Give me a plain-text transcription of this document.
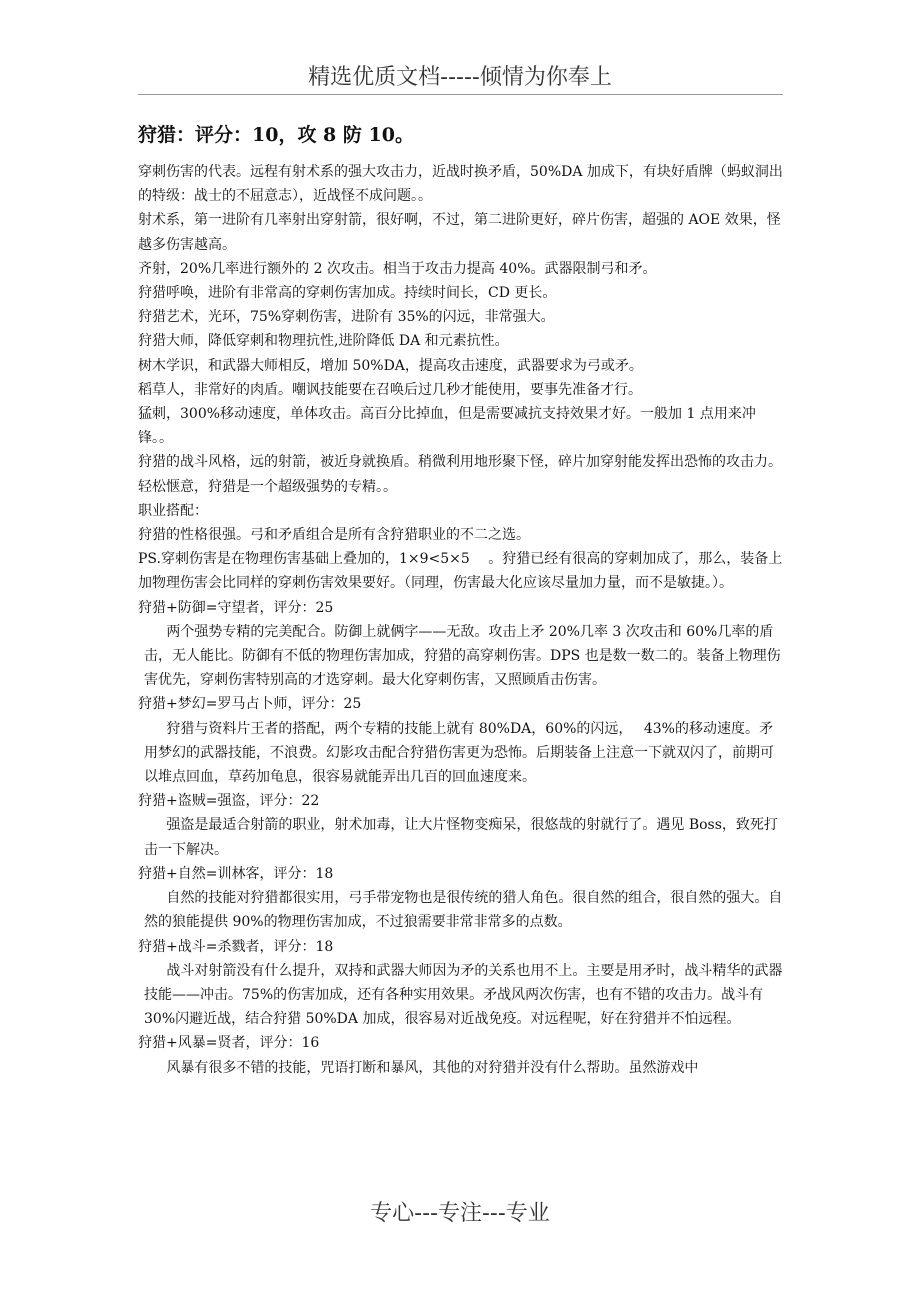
精选优质文档-----倾情为你奉上
狩猎：评分：10，攻 8 防 10。

穿刺伤害的代表。远程有射术系的强大攻击力，近战时换矛盾，50%DA 加成下，有块好盾牌（蚂蚁洞出的特级：战士的不屈意志），近战怪不成问题。。

射术系，第一进阶有几率射出穿射箭，很好啊，不过，第二进阶更好，碎片伤害，超强的 AOE 效果，怪越多伤害越高。

齐射，20%几率进行额外的 2 次攻击。相当于攻击力提高 40%。武器限制弓和矛。

狩猎呼唤，进阶有非常高的穿刺伤害加成。持续时间长，CD 更长。

狩猎艺术，光环，75%穿刺伤害，进阶有 35%的闪远，非常强大。

狩猎大师，降低穿刺和物理抗性,进阶降低 DA 和元素抗性。

树木学识，和武器大师相反，增加 50%DA，提高攻击速度，武器要求为弓或矛。

稻草人，非常好的肉盾。嘲讽技能要在召唤后过几秒才能使用，要事先准备才行。

猛刺，300%移动速度，单体攻击。高百分比掉血，但是需要减抗支持效果才好。一般加 1 点用来冲锋。。

狩猎的战斗风格，远的射箭，被近身就换盾。稍微利用地形聚下怪，碎片加穿射能发挥出恐怖的攻击力。

轻松惬意，狩猎是一个超级强势的专精。。

职业搭配：

狩猎的性格很强。弓和矛盾组合是所有含狩猎职业的不二之选。

PS.穿刺伤害是在物理伤害基础上叠加的，1×9<5×5　 。狩猎已经有很高的穿刺加成了，那么，装备上加物理伤害会比同样的穿刺伤害效果要好。（同理，伤害最大化应该尽量加力量，而不是敏捷。）。

狩猎+防御=守望者，评分：25

两个强势专精的完美配合。防御上就俩字——无敌。攻击上矛 20%几率 3 次攻击和 60%几率的盾击，无人能比。防御有不低的物理伤害加成，狩猎的高穿刺伤害。DPS 也是数一数二的。装备上物理伤害优先，穿刺伤害特别高的才选穿刺。最大化穿刺伤害，又照顾盾击伤害。

狩猎+梦幻=罗马占卜师，评分：25

狩猎与资料片王者的搭配，两个专精的技能上就有 80%DA，60%的闪远，　 43%的移动速度。矛用梦幻的武器技能，不浪费。幻影攻击配合狩猎伤害更为恐怖。后期装备上注意一下就双闪了，前期可以堆点回血，草药加龟息，很容易就能弄出几百的回血速度来。

狩猎+盗贼=强盗，评分：22

强盗是最适合射箭的职业，射术加毒，让大片怪物变痴呆，很悠哉的射就行了。遇见 Boss，致死打击一下解决。

狩猎+自然=训林客，评分：18

自然的技能对狩猎都很实用，弓手带宠物也是很传统的猎人角色。很自然的组合，很自然的强大。自然的狼能提供 90%的物理伤害加成，不过狼需要非常非常多的点数。

狩猎+战斗=杀戮者，评分：18

战斗对射箭没有什么提升，双持和武器大师因为矛的关系也用不上。主要是用矛时，战斗精华的武器技能——冲击。75%的伤害加成，还有各种实用效果。矛战风两次伤害，也有不错的攻击力。战斗有 30%闪避近战，结合狩猎 50%DA 加成，很容易对近战免疫。对远程呢，好在狩猎并不怕远程。

狩猎+风暴=贤者，评分：16

风暴有很多不错的技能，咒语打断和暴风，其他的对狩猎并没有什么帮助。虽然游戏中

专心---专注---专业
